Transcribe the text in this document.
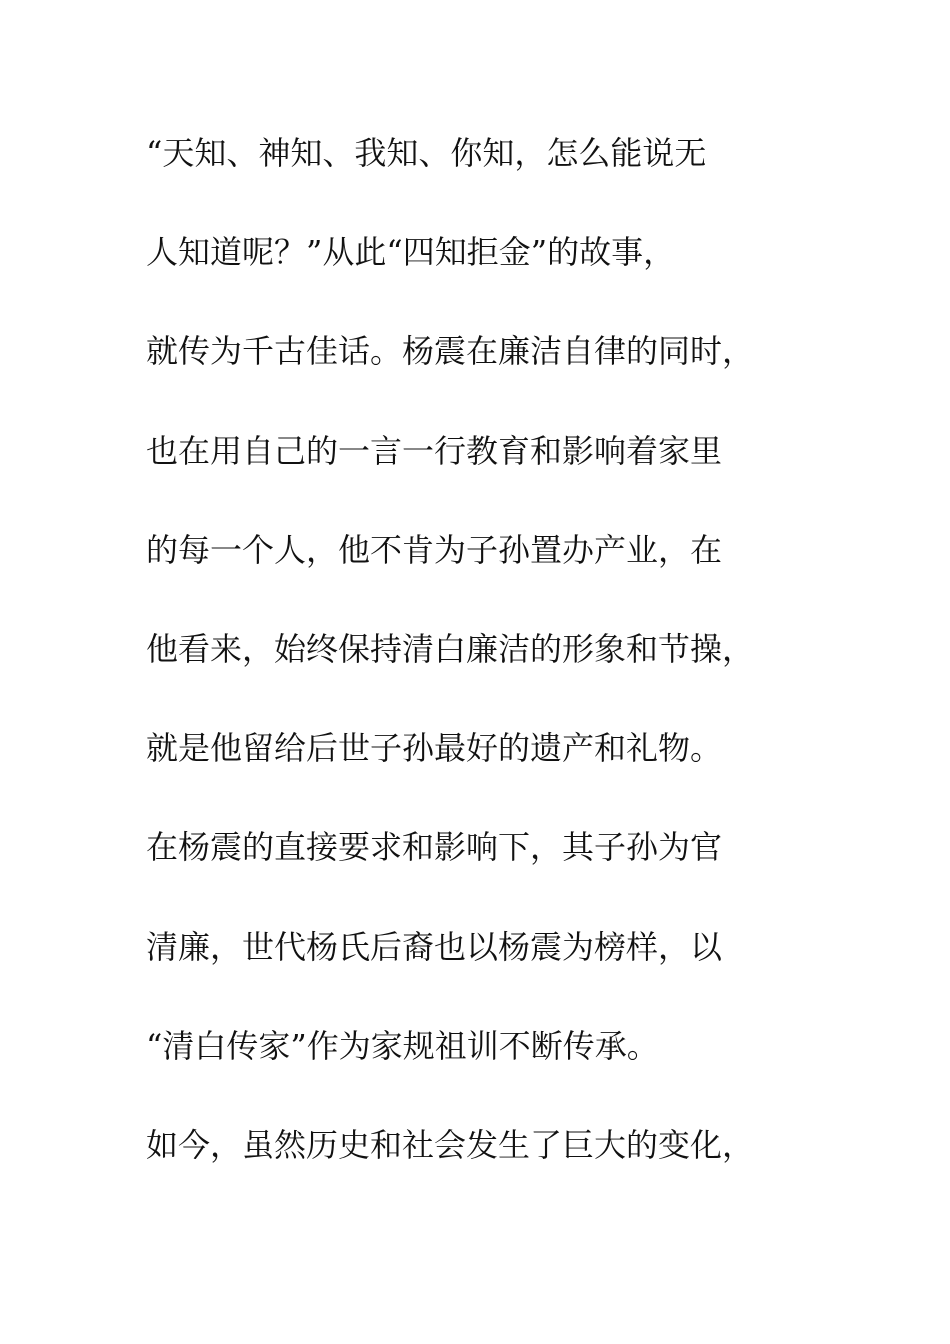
“天知、神知、我知、你知，怎么能说无
人知道呢？”从此“四知拒金”的故事，
就传为千古佳话。杨震在廉洁自律的同时，
也在用自己的一言一行教育和影响着家里
的每一个人，他不肯为子孙置办产业，在
他看来，始终保持清白廉洁的形象和节操，
就是他留给后世子孙最好的遗产和礼物。
在杨震的直接要求和影响下，其子孙为官
清廉，世代杨氏后裔也以杨震为榜样，以
“清白传家”作为家规祖训不断传承。
如今，虽然历史和社会发生了巨大的变化，
